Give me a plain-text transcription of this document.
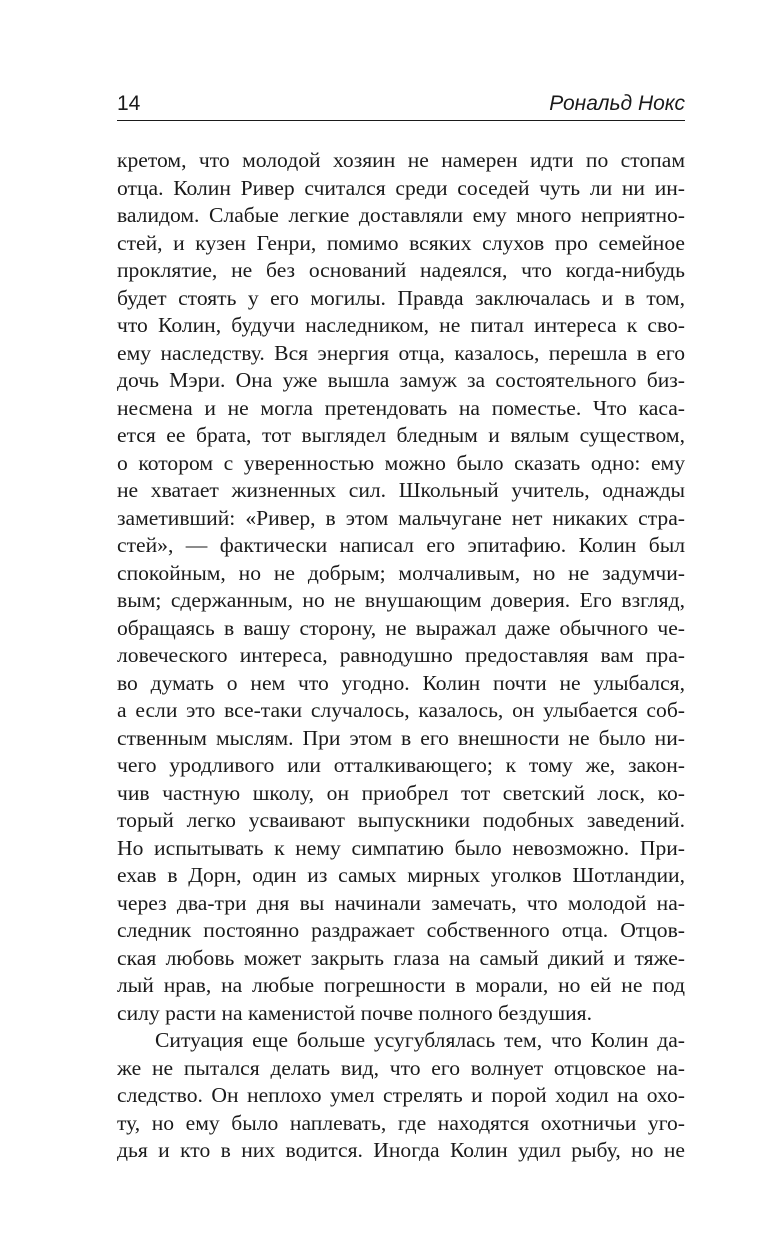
14	Рональд Нокс
кретом, что молодой хозяин не намерен идти по стопам
отца. Колин Ривер считался среди соседей чуть ли ни ин-
валидом. Слабые легкие доставляли ему много неприятно-
стей, и кузен Генри, помимо всяких слухов про семейное
проклятие, не без оснований надеялся, что когда-нибудь
будет стоять у его могилы. Правда заключалась и в том,
что Колин, будучи наследником, не питал интереса к сво-
ему наследству. Вся энергия отца, казалось, перешла в его
дочь Мэри. Она уже вышла замуж за состоятельного биз-
несмена и не могла претендовать на поместье. Что каса-
ется ее брата, тот выглядел бледным и вялым существом,
о котором с уверенностью можно было сказать одно: ему
не хватает жизненных сил. Школьный учитель, однажды
заметивший: «Ривер, в этом мальчугане нет никаких стра-
стей», — фактически написал его эпитафию. Колин был
спокойным, но не добрым; молчаливым, но не задумчи-
вым; сдержанным, но не внушающим доверия. Его взгляд,
обращаясь в вашу сторону, не выражал даже обычного че-
ловеческого интереса, равнодушно предоставляя вам пра-
во думать о нем что угодно. Колин почти не улыбался,
а если это все-таки случалось, казалось, он улыбается соб-
ственным мыслям. При этом в его внешности не было ни-
чего уродливого или отталкивающего; к тому же, закон-
чив частную школу, он приобрел тот светский лоск, ко-
торый легко усваивают выпускники подобных заведений.
Но испытывать к нему симпатию было невозможно. При-
ехав в Дорн, один из самых мирных уголков Шотландии,
через два-три дня вы начинали замечать, что молодой на-
следник постоянно раздражает собственного отца. Отцов-
ская любовь может закрыть глаза на самый дикий и тяже-
лый нрав, на любые погрешности в морали, но ей не под
силу расти на каменистой почве полного бездушия.
Ситуация еще больше усугублялась тем, что Колин да-
же не пытался делать вид, что его волнует отцовское на-
следство. Он неплохо умел стрелять и порой ходил на охо-
ту, но ему было наплевать, где находятся охотничьи уго-
дья и кто в них водится. Иногда Колин удил рыбу, но не
